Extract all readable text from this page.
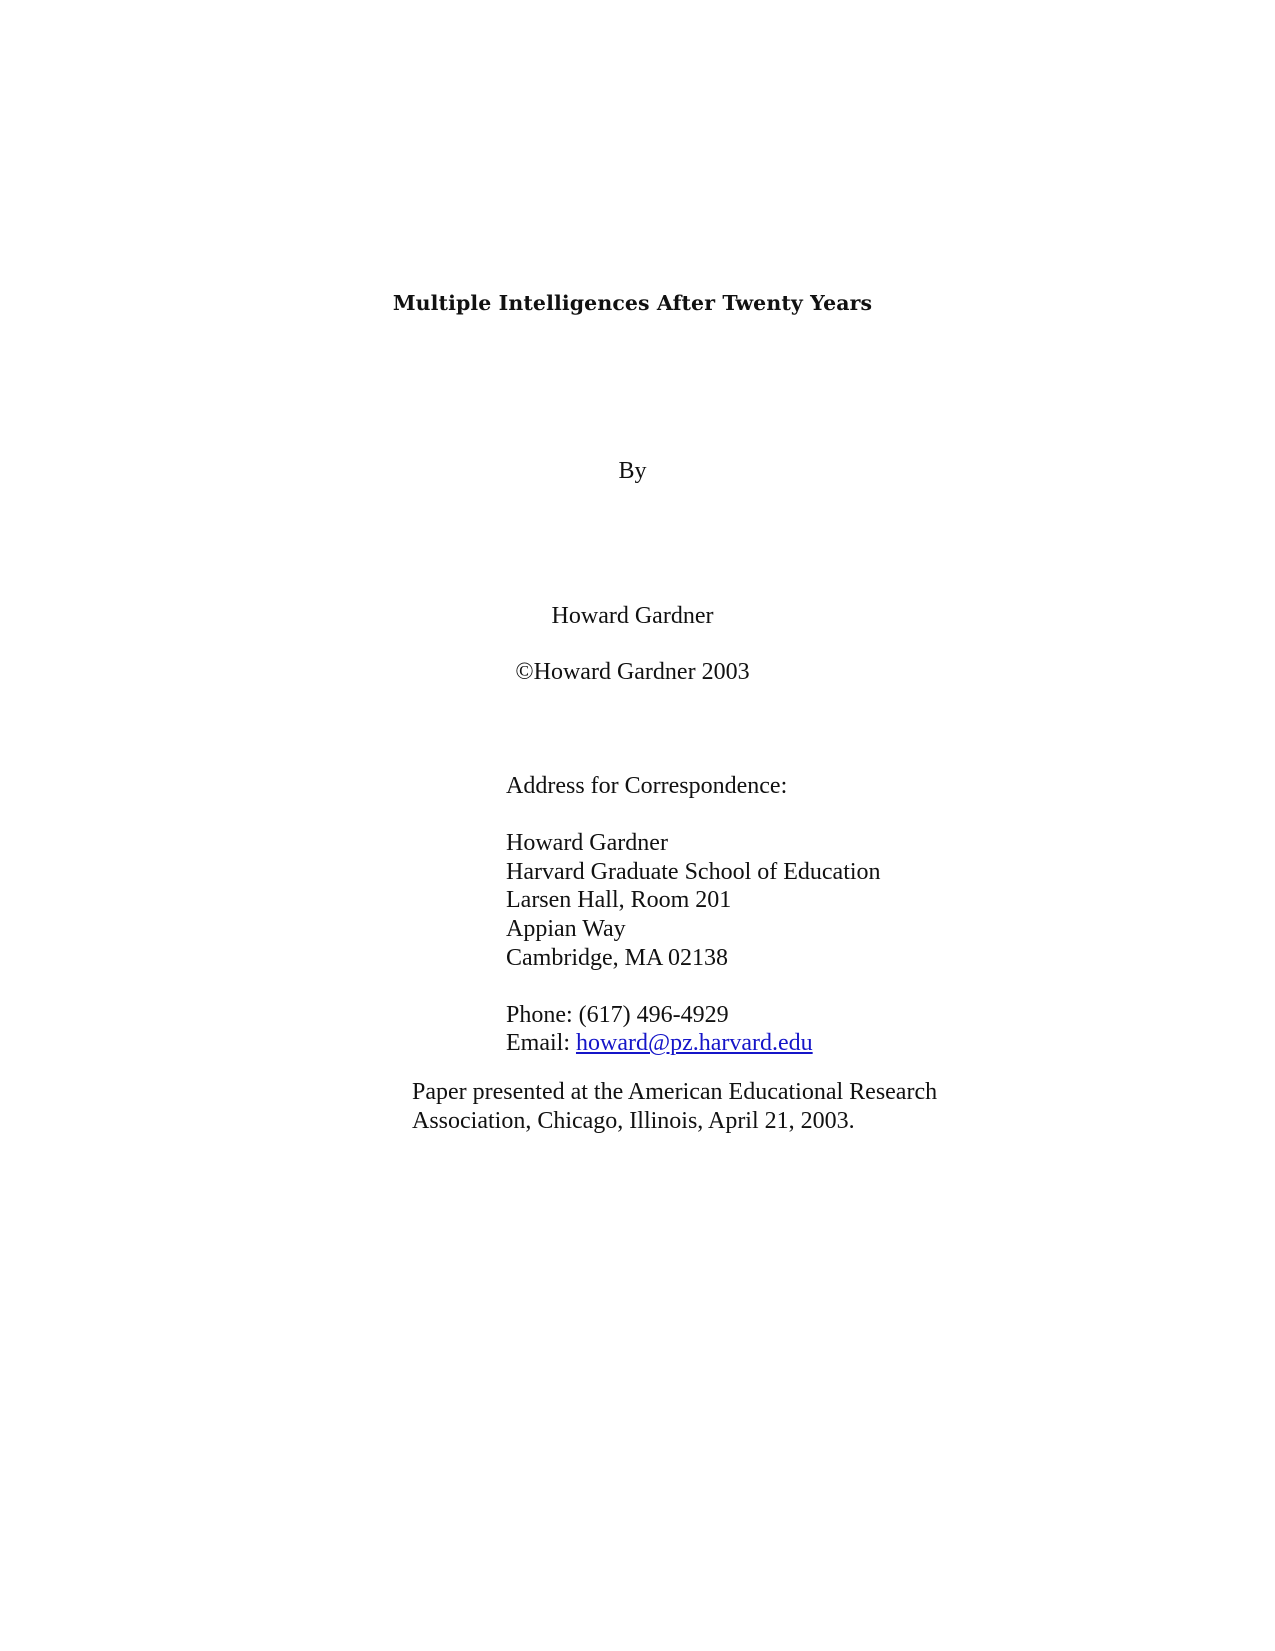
Multiple Intelligences After Twenty Years
By
Howard Gardner
©Howard Gardner 2003
Address for Correspondence:
Howard Gardner
Harvard Graduate School of Education
Larsen Hall, Room 201
Appian Way
Cambridge, MA 02138
Phone: (617) 496-4929
Email: howard@pz.harvard.edu
Paper presented at the American Educational Research
Association, Chicago, Illinois, April 21, 2003.
